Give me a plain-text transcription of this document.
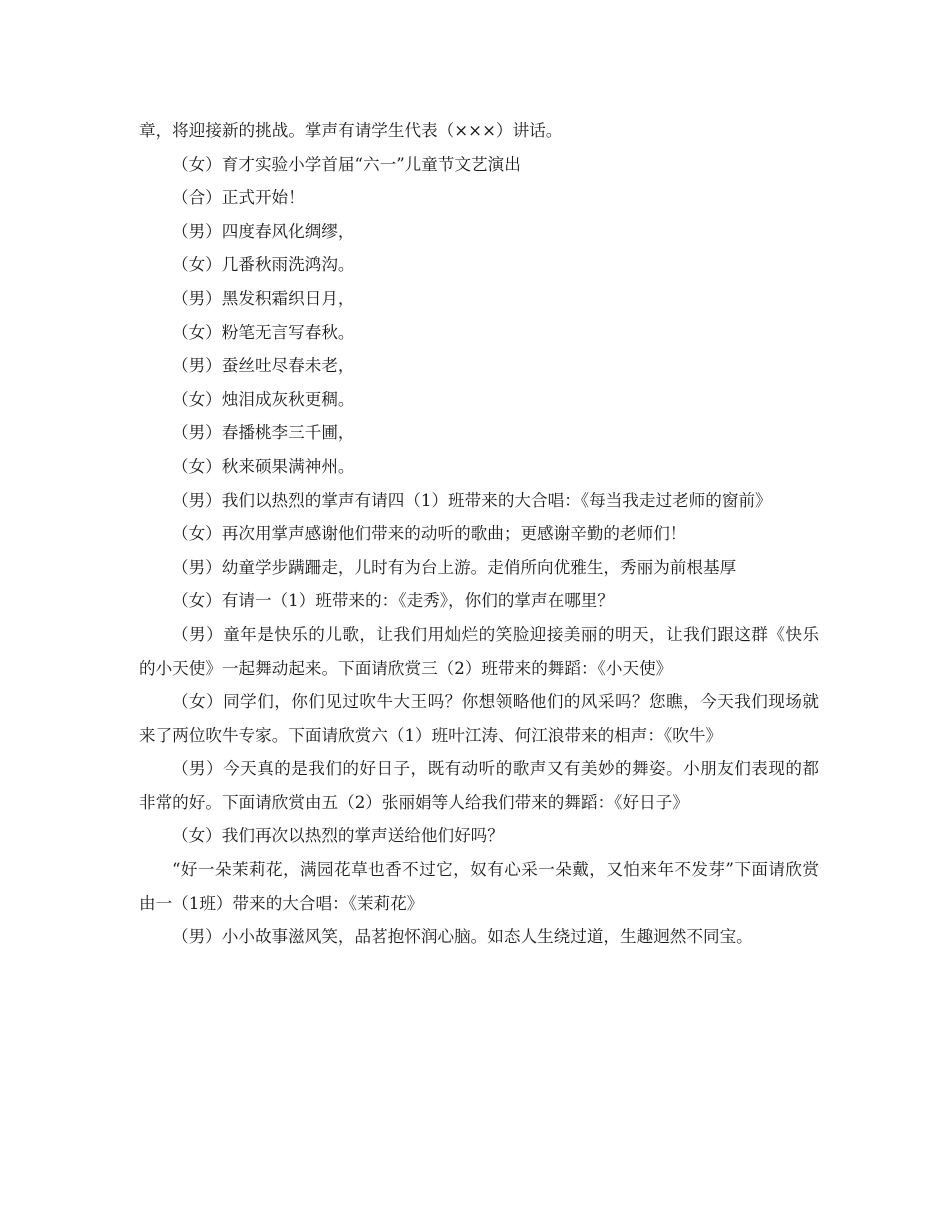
章，将迎接新的挑战。掌声有请学生代表（×××）讲话。

（女）育才实验小学首届“六一”儿童节文艺演出

（合）正式开始！

（男）四度春风化绸缪，

（女）几番秋雨洗鸿沟。

（男）黑发积霜织日月，

（女）粉笔无言写春秋。

（男）蚕丝吐尽春未老，

（女）烛泪成灰秋更稠。

（男）春播桃李三千圃，

（女）秋来硕果满神州。

（男）我们以热烈的掌声有请四（1）班带来的大合唱：《每当我走过老师的窗前》

（女）再次用掌声感谢他们带来的动听的歌曲；更感谢辛勤的老师们！

（男）幼童学步蹒跚走，儿时有为台上游。走俏所向优雅生，秀丽为前根基厚

（女）有请一（1）班带来的：《走秀》，你们的掌声在哪里？

（男）童年是快乐的儿歌，让我们用灿烂的笑脸迎接美丽的明天，让我们跟这群《快乐的小天使》一起舞动起来。下面请欣赏三（2）班带来的舞蹈：《小天使》

（女）同学们，你们见过吹牛大王吗？你想领略他们的风采吗？您瞧，今天我们现场就来了两位吹牛专家。下面请欣赏六（1）班叶江涛、何江浪带来的相声：《吹牛》

（男）今天真的是我们的好日子，既有动听的歌声又有美妙的舞姿。小朋友们表现的都非常的好。下面请欣赏由五（2）张丽娟等人给我们带来的舞蹈：《好日子》

（女）我们再次以热烈的掌声送给他们好吗？

“好一朵茉莉花，满园花草也香不过它，奴有心采一朵戴，又怕来年不发芽”下面请欣赏由一（1班）带来的大合唱：《茉莉花》

（男）小小故事滋风笑，品茗抱怀润心脑。如态人生绕过道，生趣迥然不同宝。
